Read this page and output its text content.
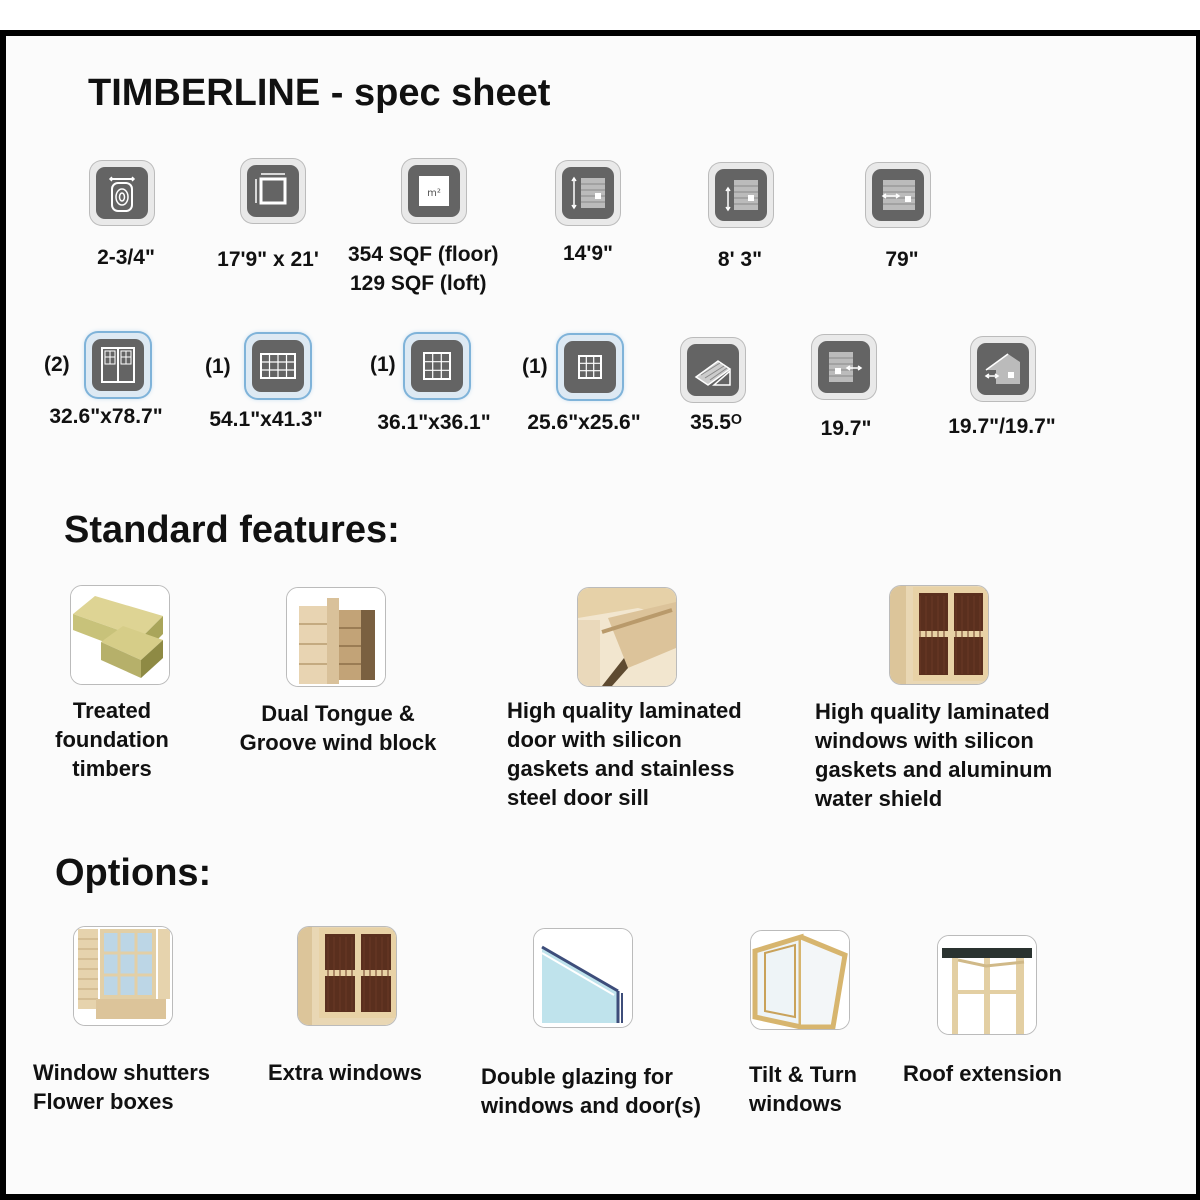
TIMBERLINE - spec sheet
2-3/4"	17'9" x 21'
m²
354 SQF (floor)
129 SQF (loft)
14'9"	8' 3"	79"
(2)
32.6"x78.7"
(1)
54.1"x41.3"
(1)
36.1"x36.1"
(1)
25.6"x25.6"	35.5ᴼ	19.7"	19.7"/19.7"
Standard features:
Treated
foundation
timbers
Dual Tongue &
Groove wind block
High quality laminated
door with silicon
gaskets and stainless
steel door sill
High quality laminated
windows with silicon
gaskets and aluminum
water shield
Options:
Window shutters
Flower boxes
Extra windows	Double glazing for
windows and door(s)
Tilt & Turn
windows
Roof extension
